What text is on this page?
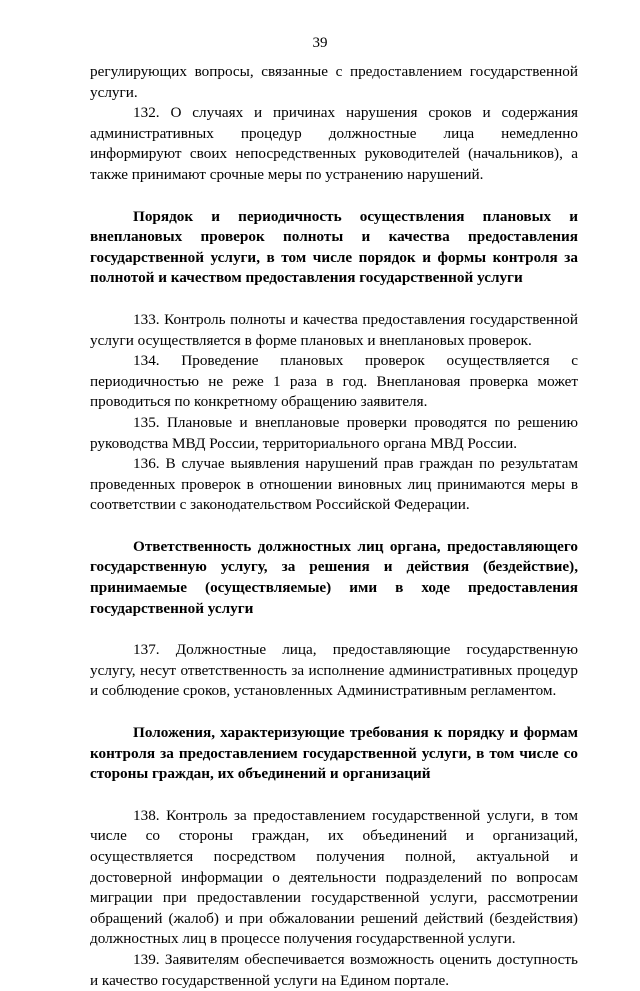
39

регулирующих вопросы, связанные с предоставлением государственной услуги.

132. О случаях и причинах нарушения сроков и содержания административных процедур должностные лица немедленно информируют своих непосредственных руководителей (начальников), а также принимают срочные меры по устранению нарушений.

Порядок и периодичность осуществления плановых и внеплановых проверок полноты и качества предоставления государственной услуги, в том числе порядок и формы контроля за полнотой и качеством предоставления государственной услуги

133. Контроль полноты и качества предоставления государственной услуги осуществляется в форме плановых и внеплановых проверок.

134. Проведение плановых проверок осуществляется с периодичностью не реже 1 раза в год. Внеплановая проверка может проводиться по конкретному обращению заявителя.

135. Плановые и внеплановые проверки проводятся по решению руководства МВД России, территориального органа МВД России.

136. В случае выявления нарушений прав граждан по результатам проведенных проверок в отношении виновных лиц принимаются меры в соответствии с законодательством Российской Федерации.

Ответственность должностных лиц органа, предоставляющего государственную услугу, за решения и действия (бездействие), принимаемые (осуществляемые) ими в ходе предоставления государственной услуги

137. Должностные лица, предоставляющие государственную услугу, несут ответственность за исполнение административных процедур и соблюдение сроков, установленных Административным регламентом.

Положения, характеризующие требования к порядку и формам контроля за предоставлением государственной услуги, в том числе со стороны граждан, их объединений и организаций

138. Контроль за предоставлением государственной услуги, в том числе со стороны граждан, их объединений и организаций, осуществляется посредством получения полной, актуальной и достоверной информации о деятельности подразделений по вопросам миграции при предоставлении государственной услуги, рассмотрении обращений (жалоб) и при обжаловании решений действий (бездействия) должностных лиц в процессе получения государственной услуги.

139. Заявителям обеспечивается возможность оценить доступность и качество государственной услуги на Едином портале.
